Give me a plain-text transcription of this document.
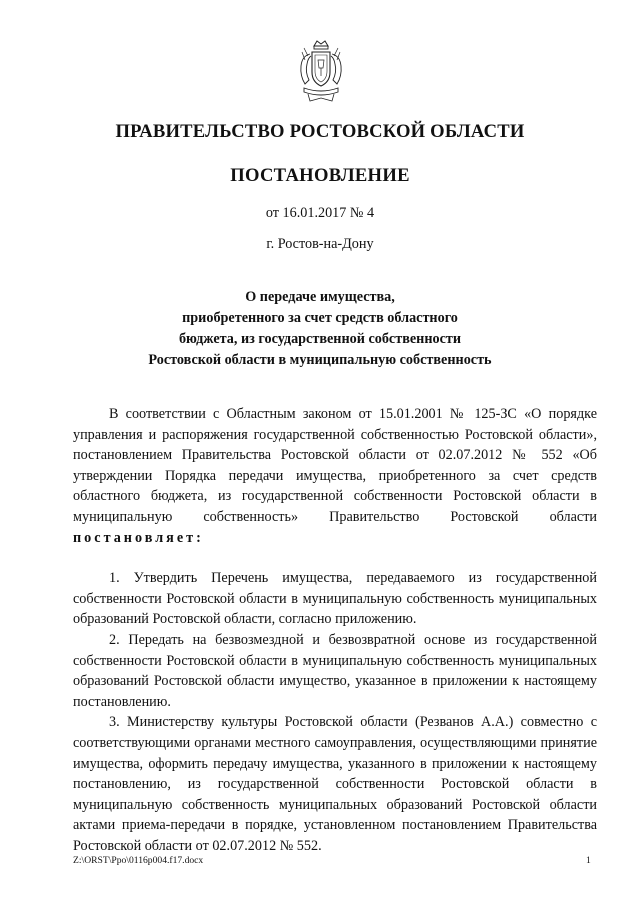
ПРАВИТЕЛЬСТВО РОСТОВСКОЙ ОБЛАСТИ
ПОСТАНОВЛЕНИЕ
от 16.01.2017 № 4
г. Ростов-на-Дону
О передаче имущества,
приобретенного за счет средств областного
бюджета, из государственной собственности
Ростовской области в муниципальную собственность

В соответствии с Областным законом от 15.01.2001 № 125-ЗС «О порядке управления и распоряжения государственной собственностью Ростовской области», постановлением Правительства Ростовской области от 02.07.2012 № 552 «Об утверждении Порядка передачи имущества, приобретенного за счет средств областного бюджета, из государственной собственности Ростовской области в муниципальную собственность» Правительство Ростовской области постановляет:

1. Утвердить Перечень имущества, передаваемого из государственной собственности Ростовской области в муниципальную собственность муниципальных образований Ростовской области, согласно приложению.

2. Передать на безвозмездной и безвозвратной основе из государственной собственности Ростовской области в муниципальную собственность муниципальных образований Ростовской области имущество, указанное в приложении к настоящему постановлению.

3. Министерству культуры Ростовской области (Резванов А.А.) совместно с соответствующими органами местного самоуправления, осуществляющими принятие имущества, оформить передачу имущества, указанного в приложении к настоящему постановлению, из государственной собственности Ростовской области в муниципальную собственность муниципальных образований Ростовской области актами приема-передачи в порядке, установленном постановлением Правительства Ростовской области от 02.07.2012 № 552.

Z:\ORST\Ppo\0116p004.f17.docx	1
